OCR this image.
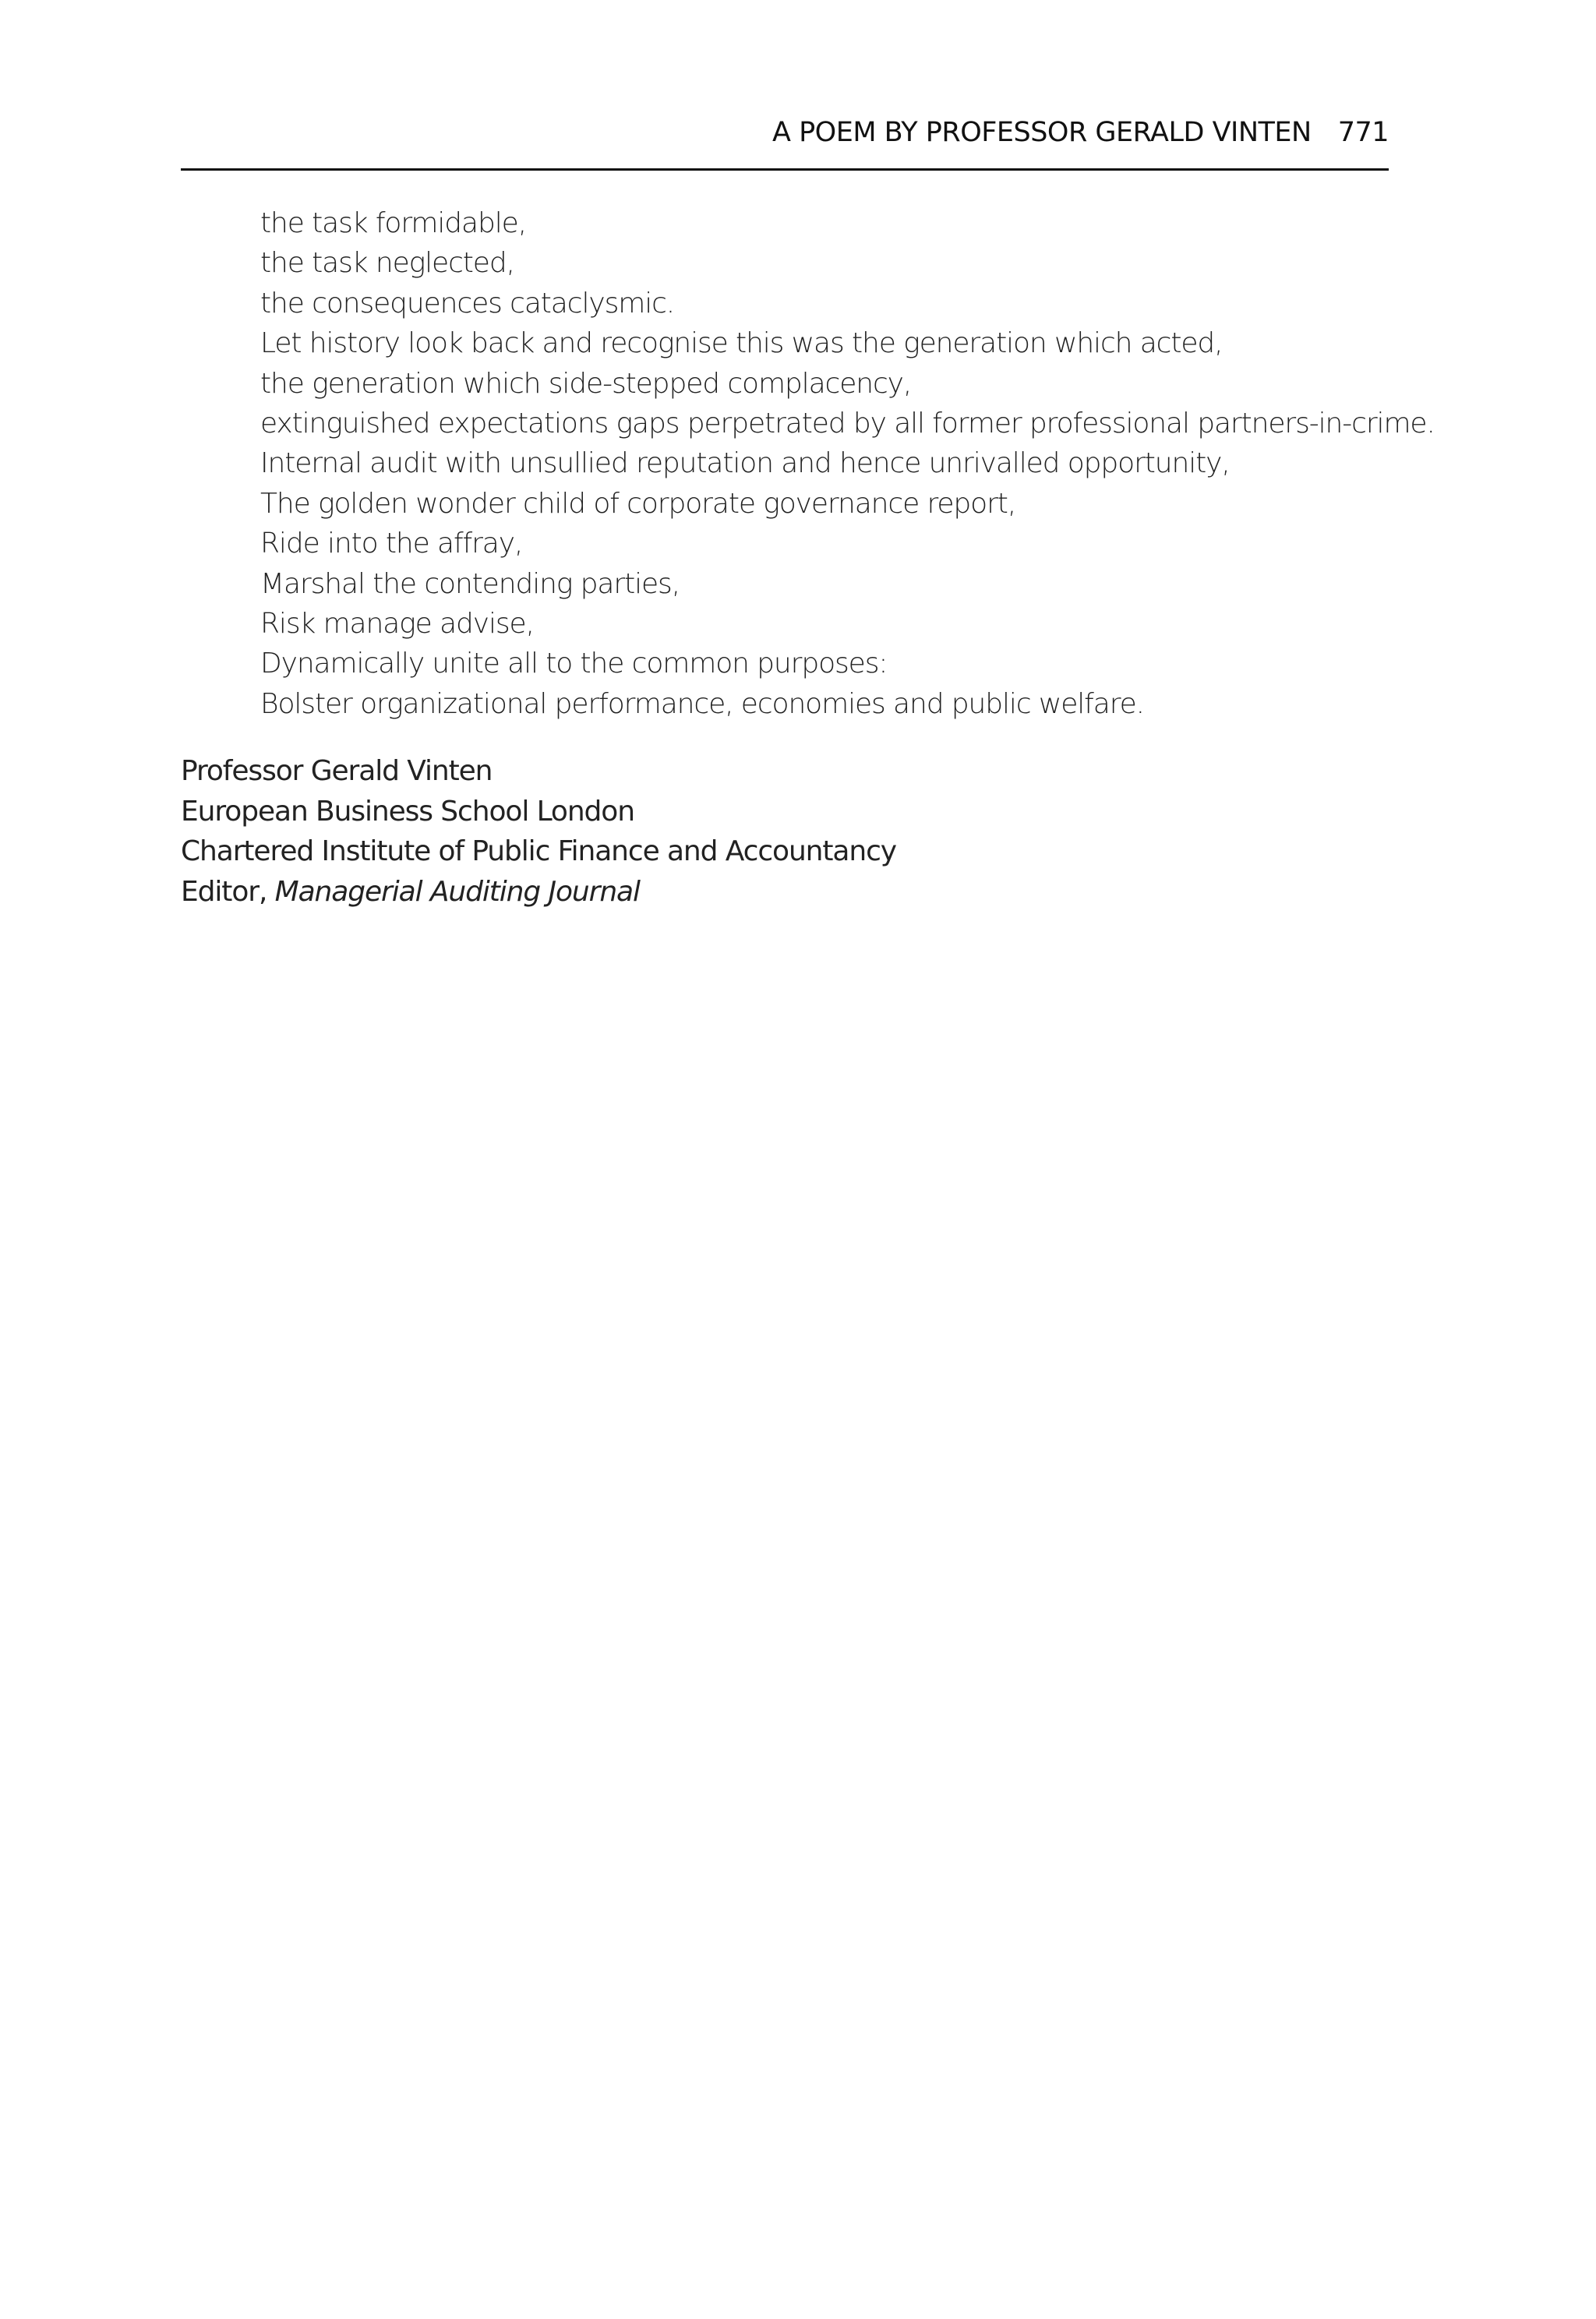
A POEM BY PROFESSOR GERALD VINTEN 771
the task formidable,
the task neglected,
the consequences cataclysmic.
Let history look back and recognise this was the generation which acted,
the generation which side-stepped complacency,
extinguished expectations gaps perpetrated by all former professional partners-in-crime.
Internal audit with unsullied reputation and hence unrivalled opportunity,
The golden wonder child of corporate governance report,
Ride into the affray,
Marshal the contending parties,
Risk manage advise,
Dynamically unite all to the common purposes:
Bolster organizational performance, economies and public welfare.
Professor Gerald Vinten
European Business School London
Chartered Institute of Public Finance and Accountancy
Editor, Managerial Auditing Journal
